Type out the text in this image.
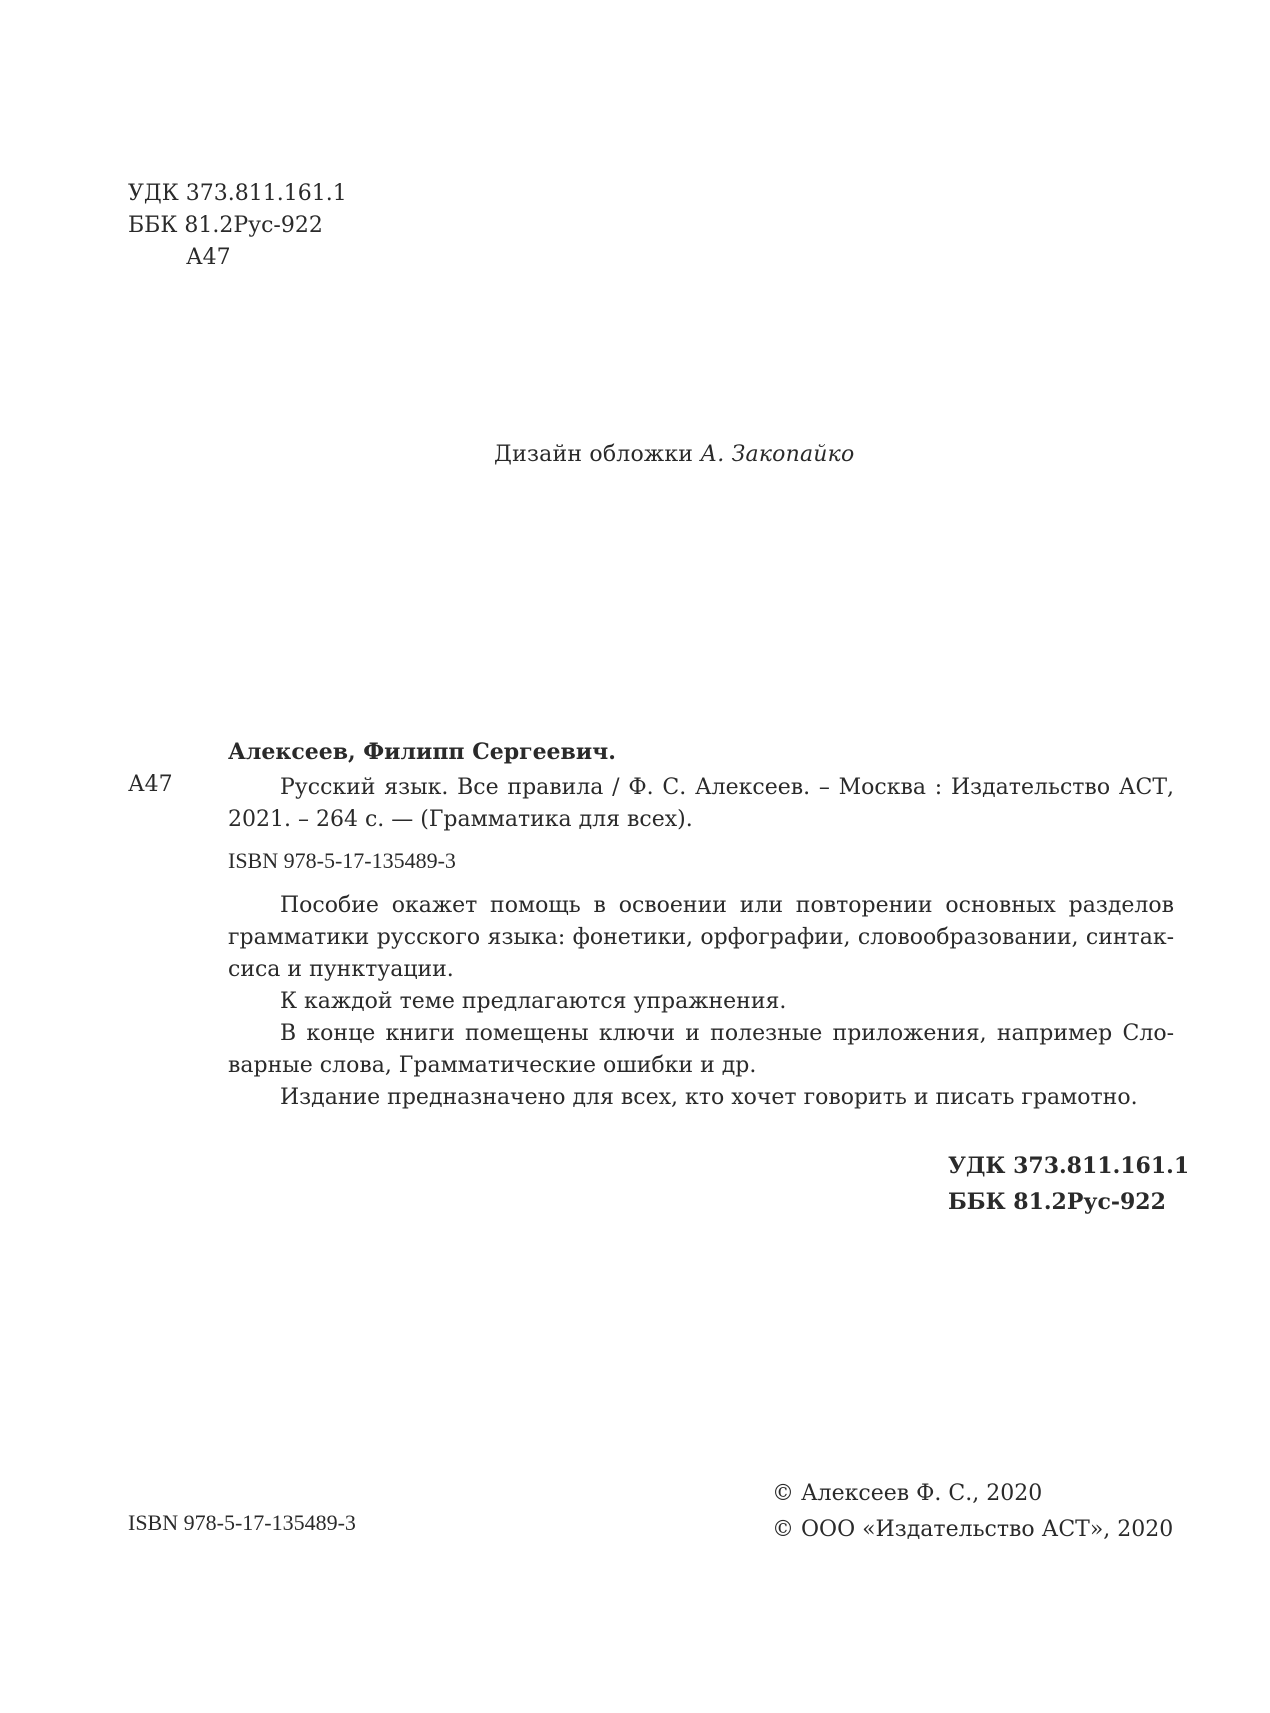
УДК 373.811.161.1
ББК 81.2Рус-922
А47
Дизайн обложки А. Закопайко
Алексеев, Филипп Сергеевич.
А47	Русский язык. Все правила / Ф. С. Алексеев. – Москва : Издательство АСТ,
2021. – 264 с. — (Грамматика для всех).
ISBN 978-5-17-135489-3

Пособие окажет помощь в освоении или повторении основных разделов

грамматики русского языка: фонетики, орфографии, словообразовании, синтак-

сиса и пунктуации.

К каждой теме предлагаются упражнения.

В конце книги помещены ключи и полезные приложения, например Сло-

варные слова, Грамматические ошибки и др.

Издание предназначено для всех, кто хочет говорить и писать грамотно.

УДК 373.811.161.1
ББК 81.2Рус-922
ISBN 978-5-17-135489-3
© Алексеев Ф. С., 2020
© ООО «Издательство АСТ», 2020
